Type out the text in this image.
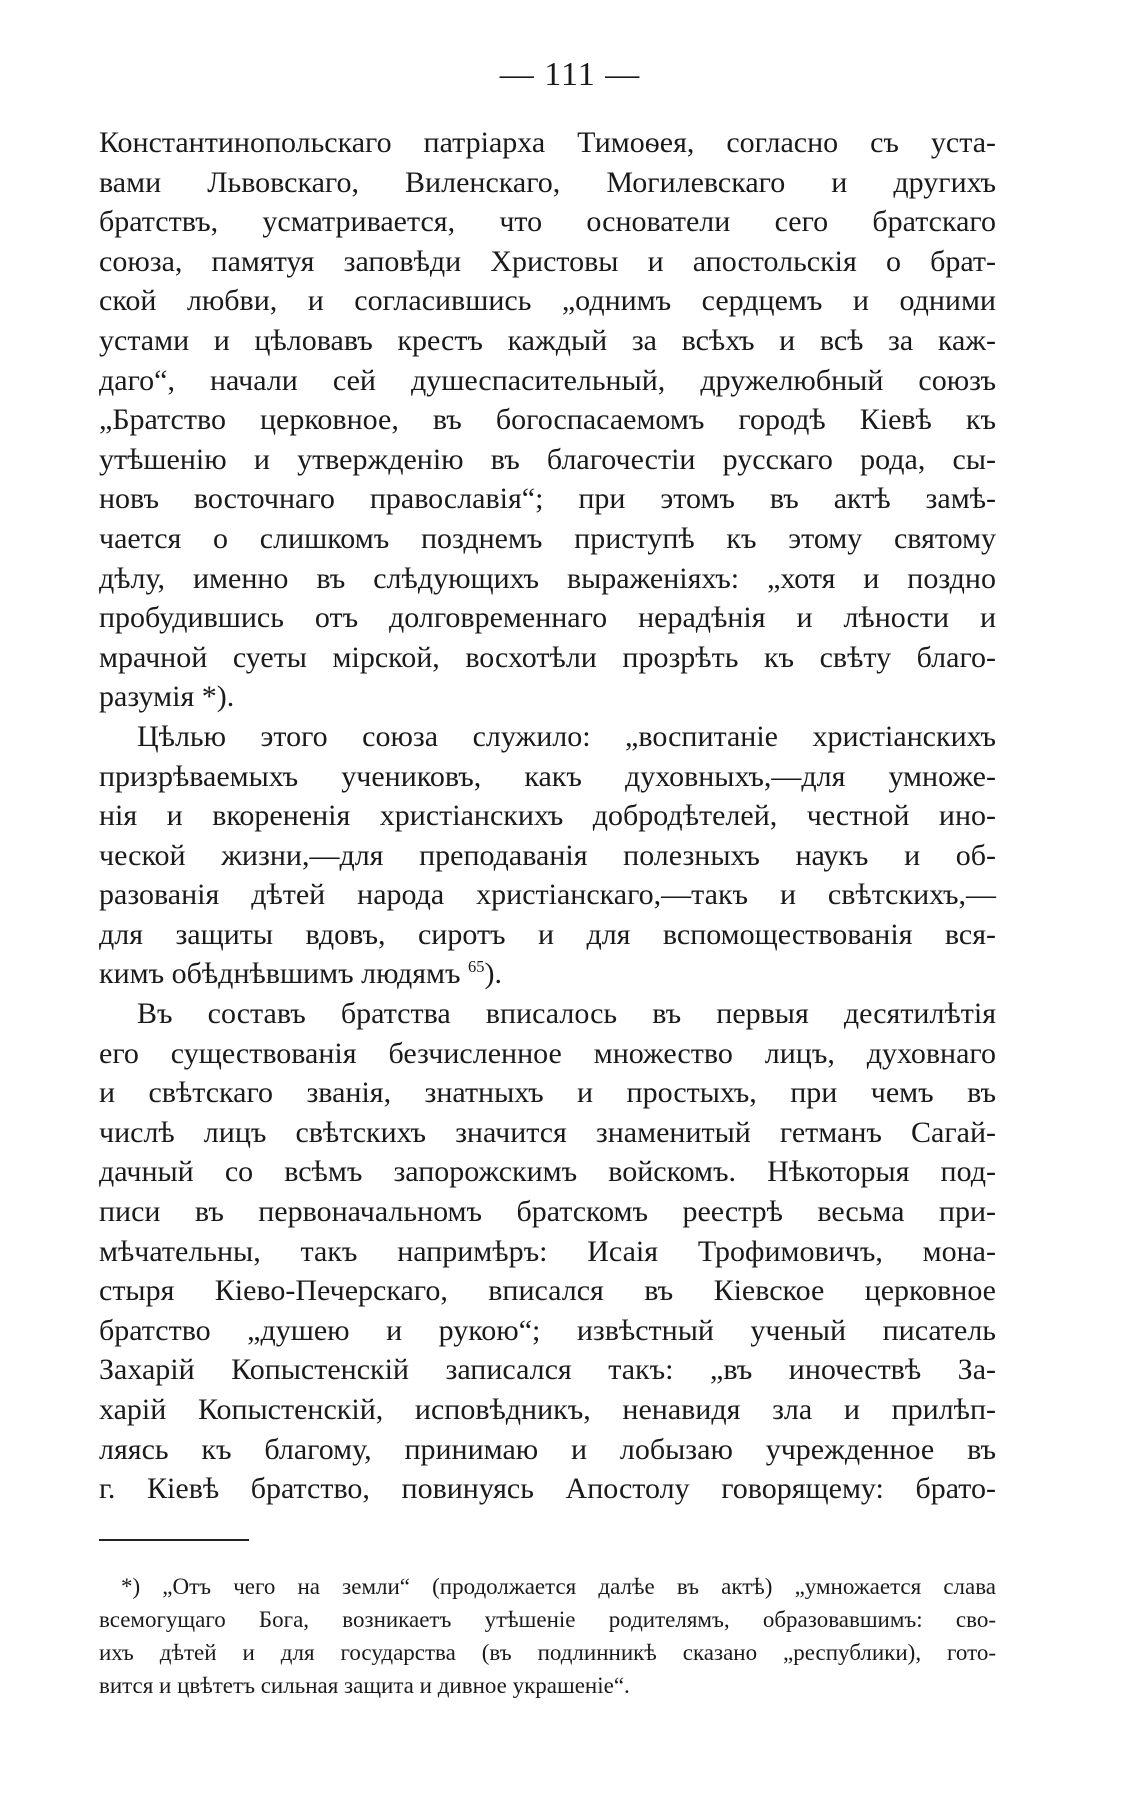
— 111 —
Константинопольскаго патріарха Тимоѳея, согласно съ уста-
вами Львовскаго, Виленскаго, Могилевскаго и другихъ
братствъ, усматривается, что основатели сего братскаго
союза, памятуя заповѣди Христовы и апостольскія о брат-
ской любви, и согласившись „однимъ сердцемъ и одними
устами и цѣловавъ крестъ каждый за всѣхъ и всѣ за каж-
даго“, начали сей душеспасительный, дружелюбный союзъ
„Братство церковное, въ богоспасаемомъ городѣ Кіевѣ къ
утѣшенію и утвержденію въ благочестіи русскаго рода, сы-
новъ восточнаго православія“; при этомъ въ актѣ замѣ-
чается о слишкомъ позднемъ приступѣ къ этому святому
дѣлу, именно въ слѣдующихъ выраженіяхъ: „хотя и поздно
пробудившись отъ долговременнаго нерадѣнія и лѣности и
мрачной суеты мірской, восхотѣли прозрѣть къ свѣту благо-
разумія *).
Цѣлью этого союза служило: „воспитаніе христіанскихъ
призрѣваемыхъ учениковъ, какъ духовныхъ,—для умноже-
нія и вкорененія христіанскихъ добродѣтелей, честной ино-
ческой жизни,—для преподаванія полезныхъ наукъ и об-
разованія дѣтей народа христіанскаго,—такъ и свѣтскихъ,—
для защиты вдовъ, сиротъ и для вспомоществованія вся-
кимъ обѣднѣвшимъ людямъ $^{65}$).
Въ составъ братства вписалось въ первыя десятилѣтія
его существованія безчисленное множество лицъ, духовнаго
и свѣтскаго званія, знатныхъ и простыхъ, при чемъ въ
числѣ лицъ свѣтскихъ значится знаменитый гетманъ Сагай-
дачный со всѣмъ запорожскимъ войскомъ. Нѣкоторыя под-
писи въ первоначальномъ братскомъ реестрѣ весьма при-
мѣчательны, такъ напримѣръ: Исаія Трофимовичъ, мона-
стыря Кіево-Печерскаго, вписался въ Кіевское церковное
братство „душею и рукою“; извѣстный ученый писатель
Захарій Копыстенскій записался такъ: „въ иночествѣ За-
харій Копыстенскій, исповѣдникъ, ненавидя зла и прилѣп-
ляясь къ благому, принимаю и лобызаю учрежденное въ
г. Кіевѣ братство, повинуясь Апостолу говорящему: брато-
*) „Отъ чего на земли“ (продолжается далѣе въ актѣ) „умножается слава
всемогущаго Бога, возникаетъ утѣшеніе родителямъ, образовавшимъ: сво-
ихъ дѣтей и для государства (въ подлинникѣ сказано „республики), гото-
вится и цвѣтетъ сильная защита и дивное украшеніе“.
